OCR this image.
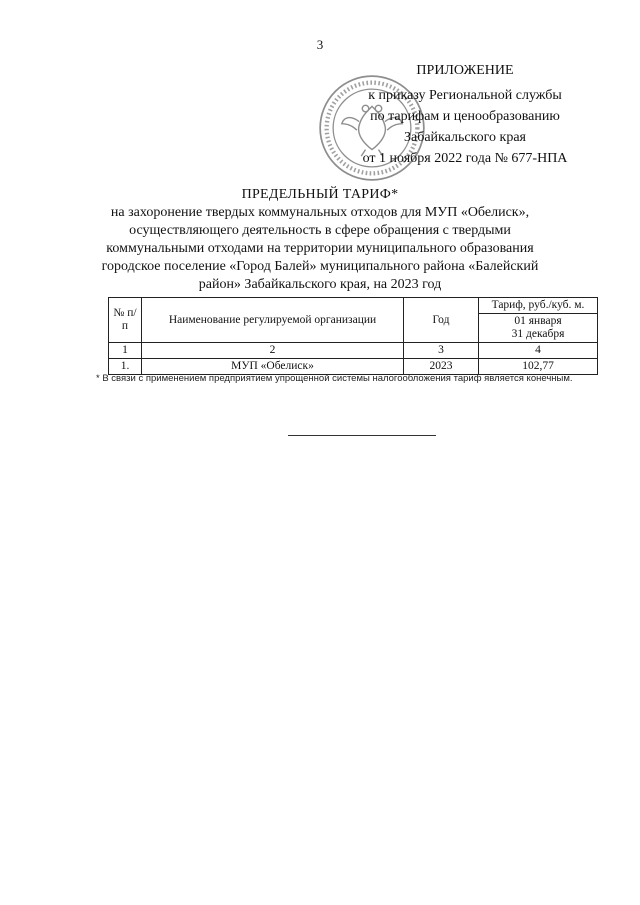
3
ПРИЛОЖЕНИЕ
к приказу Региональной службы
по тарифам и ценообразованию
Забайкальского края
от 1 ноября 2022 года № 677-НПА
ПРЕДЕЛЬНЫЙ ТАРИФ*
на захоронение твердых коммунальных отходов для МУП «Обелиск»,
осуществляющего деятельность в сфере обращения с твердыми
коммунальными отходами на территории муниципального образования
городское поселение «Город Балей» муниципального района «Балейский
район» Забайкальского края, на 2023 год
№ п/п	Наименование регулируемой организации	Год	Тариф, руб./куб. м.

			01 января
31 декабря

1	2	3	4
1.	МУП «Обелиск»	2023	102,77
* В связи с применением предприятием упрощенной системы налогообложения тариф является конечным.
